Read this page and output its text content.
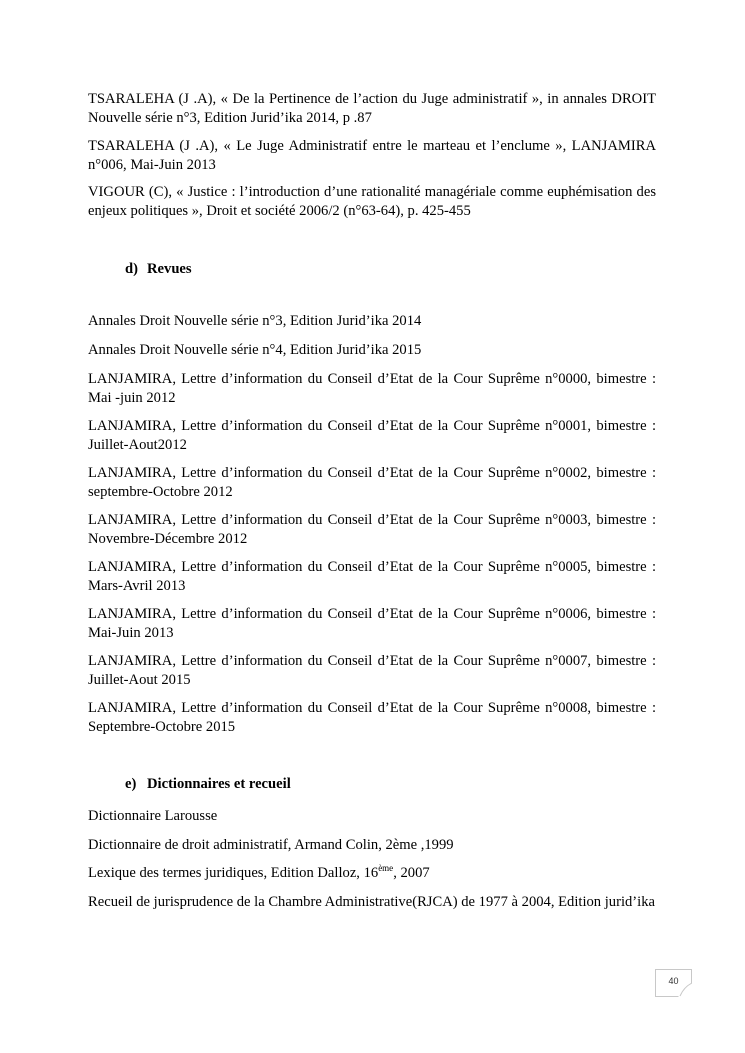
TSARALEHA (J .A), « De la Pertinence de l’action du Juge administratif », in annales DROIT Nouvelle série n°3, Edition Jurid’ika 2014, p .87

TSARALEHA (J .A), « Le Juge Administratif entre le marteau et l’enclume », LANJAMIRA n°006, Mai-Juin 2013

VIGOUR (C), « Justice : l’introduction d’une rationalité managériale comme euphémisation des enjeux politiques », Droit et société 2006/2 (n°63-64), p. 425-455

d) Revues

Annales Droit Nouvelle série n°3, Edition Jurid’ika 2014

Annales Droit Nouvelle série n°4, Edition Jurid’ika 2015

LANJAMIRA, Lettre d’information du Conseil d’Etat de la Cour Suprême n°0000, bimestre : Mai -juin 2012

LANJAMIRA, Lettre d’information du Conseil d’Etat de la Cour Suprême n°0001, bimestre : Juillet-Aout2012

LANJAMIRA, Lettre d’information du Conseil d’Etat de la Cour Suprême n°0002, bimestre : septembre-Octobre 2012

LANJAMIRA, Lettre d’information du Conseil d’Etat de la Cour Suprême n°0003, bimestre : Novembre-Décembre 2012

LANJAMIRA, Lettre d’information du Conseil d’Etat de la Cour Suprême n°0005, bimestre : Mars-Avril 2013

LANJAMIRA, Lettre d’information du Conseil d’Etat de la Cour Suprême n°0006, bimestre : Mai-Juin 2013

LANJAMIRA, Lettre d’information du Conseil d’Etat de la Cour Suprême n°0007, bimestre : Juillet-Aout 2015

LANJAMIRA, Lettre d’information du Conseil d’Etat de la Cour Suprême n°0008, bimestre : Septembre-Octobre 2015

e) Dictionnaires et recueil

Dictionnaire Larousse

Dictionnaire de droit administratif, Armand Colin, 2ème ,1999

Lexique des termes juridiques, Edition Dalloz, 16ème, 2007

Recueil de jurisprudence de la Chambre Administrative(RJCA) de 1977 à 2004, Edition jurid’ika

40
